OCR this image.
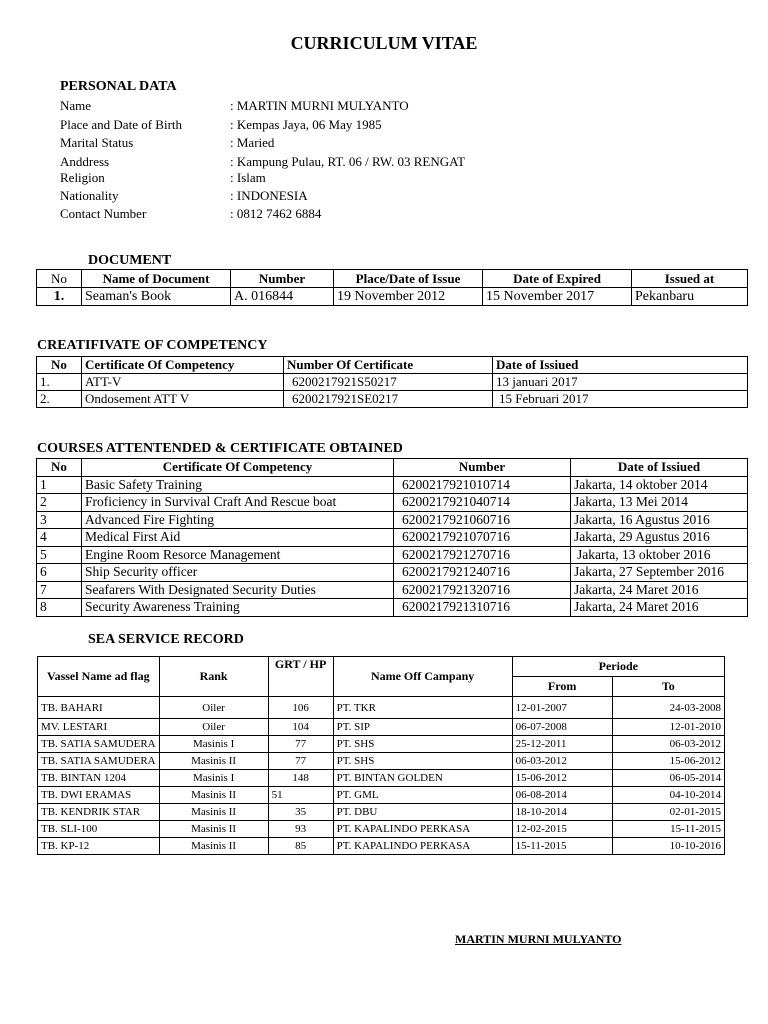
CURRICULUM VITAE
PERSONAL DATA
Name	: MARTIN MURNI MULYANTO
Place and Date of Birth	: Kempas Jaya, 06 May 1985
Marital Status	: Maried
Anddress	: Kampung Pulau, RT. 06 / RW. 03 RENGAT
Religion	: Islam
Nationality	: INDONESIA
Contact Number	: 0812 7462 6884
DOCUMENT
No	Name of Document	Number	Place/Date of Issue	Date of Expired	Issued at
1.	Seaman's Book	A. 016844	19 November 2012	15 November 2017	Pekanbaru
CREATIFIVATE OF COMPETENCY
No	Certificate Of Competency	Number Of Certificate	Date of Issiued
1.	ATT-V	6200217921S50217	13 januari 2017
2.	Ondosement ATT V	6200217921SE0217	15 Februari 2017
COURSES ATTENTENDED & CERTIFICATE OBTAINED
No	Certificate Of Competency	Number	Date of Issiued
1	Basic Safety Training	6200217921010714	Jakarta, 14 oktober 2014
2	Froficiency in Survival Craft And Rescue boat	6200217921040714	Jakarta, 13 Mei 2014
3	Advanced Fire Fighting	6200217921060716	Jakarta, 16 Agustus 2016
4	Medical First Aid	6200217921070716	Jakarta, 29 Agustus 2016
5	Engine Room Resorce Management	6200217921270716	Jakarta, 13 oktober 2016
6	Ship Security officer	6200217921240716	Jakarta, 27 September 2016
7	Seafarers With Designated Security Duties	6200217921320716	Jakarta, 24 Maret 2016
8	Security Awareness Training	6200217921310716	Jakarta, 24 Maret 2016
SEA SERVICE RECORD
Vassel Name ad flag	Rank	GRT / HP	Name Off Campany	Periode	
				From	To
TB. BAHARI	Oiler	106	PT. TKR	12-01-2007	24-03-2008
MV. LESTARI	Oiler	104	PT. SIP	06-07-2008	12-01-2010
TB. SATIA SAMUDERA	Masinis I	77	PT. SHS	25-12-2011	06-03-2012
TB. SATIA SAMUDERA	Masinis II	77	PT. SHS	06-03-2012	15-06-2012
TB. BINTAN 1204	Masinis I	148	PT. BINTAN GOLDEN	15-06-2012	06-05-2014
TB. DWI ERAMAS	Masinis II	51	PT. GML	06-08-2014	04-10-2014
TB. KENDRIK STAR	Masinis II	35	PT. DBU	18-10-2014	02-01-2015
TB. SLI-100	Masinis II	93	PT. KAPALINDO PERKASA	12-02-2015	15-11-2015
TB. KP-12	Masinis II	85	PT. KAPALINDO PERKASA	15-11-2015	10-10-2016
MARTIN MURNI MULYANTO
